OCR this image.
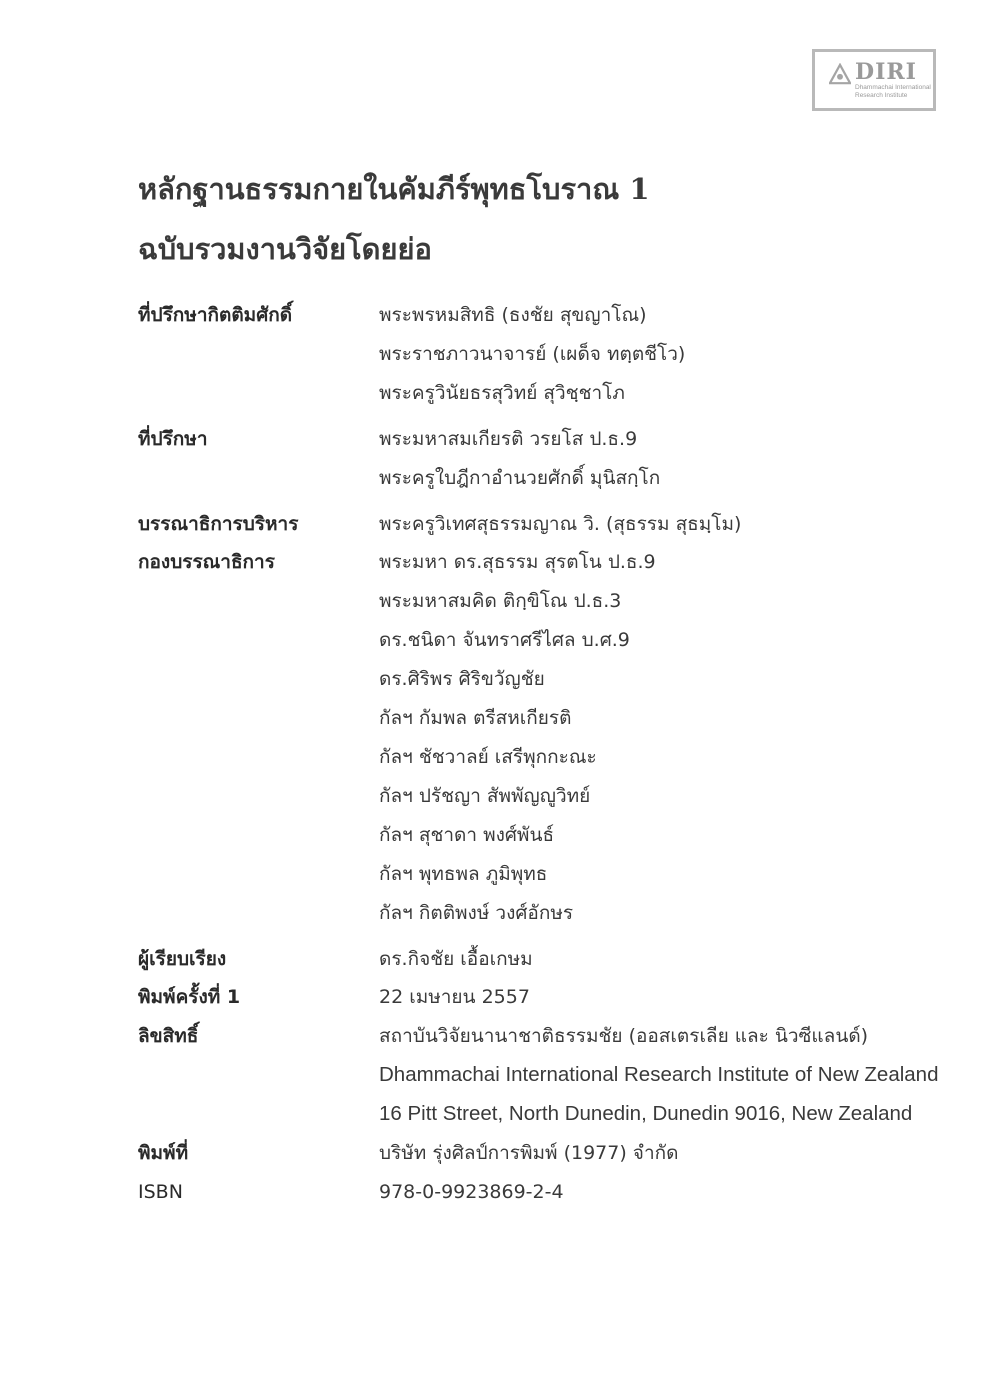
DIRI
Dhammachai International
Research Institute
หลักฐานธรรมกายในคัมภีร์พุทธโบราณ 1
ฉบับรวมงานวิจัยโดยย่อ
ที่ปรึกษากิตติมศักดิ์	พระพรหมสิทธิ (ธงชัย สุขญาโณ)
พระราชภาวนาจารย์ (เผด็จ ทตฺตชีโว)
พระครูวินัยธรสุวิทย์ สุวิชฺชาโภ
ที่ปรึกษา	พระมหาสมเกียรติ วรยโส ป.ธ.9
พระครูใบฎีกาอำนวยศักดิ์ มุนิสกฺโก
บรรณาธิการบริหาร	พระครูวิเทศสุธรรมญาณ วิ. (สุธรรม สุธมฺโม)
กองบรรณาธิการ	พระมหา ดร.สุธรรม สุรตโน ป.ธ.9
พระมหาสมคิด ติกฺขิโณ ป.ธ.3
ดร.ชนิดา จันทราศรีไศล บ.ศ.9
ดร.ศิริพร ศิริขวัญชัย
กัลฯ กัมพล ตรีสหเกียรติ
กัลฯ ชัชวาลย์ เสรีพุกกะณะ
กัลฯ ปรัชญา สัพพัญญูวิทย์
กัลฯ สุชาดา พงศ์พันธ์
กัลฯ พุทธพล ภูมิพุทธ
กัลฯ กิตติพงษ์ วงศ์อักษร
ผู้เรียบเรียง	ดร.กิจชัย เอื้อเกษม
พิมพ์ครั้งที่ 1	22 เมษายน 2557
ลิขสิทธิ์	สถาบันวิจัยนานาชาติธรรมชัย (ออสเตรเลีย และ นิวซีแลนด์)
Dhammachai International Research Institute of New Zealand
16 Pitt Street, North Dunedin, Dunedin 9016, New Zealand
พิมพ์ที่	บริษัท รุ่งศิลป์การพิมพ์ (1977) จำกัด
ISBN	978-0-9923869-2-4
